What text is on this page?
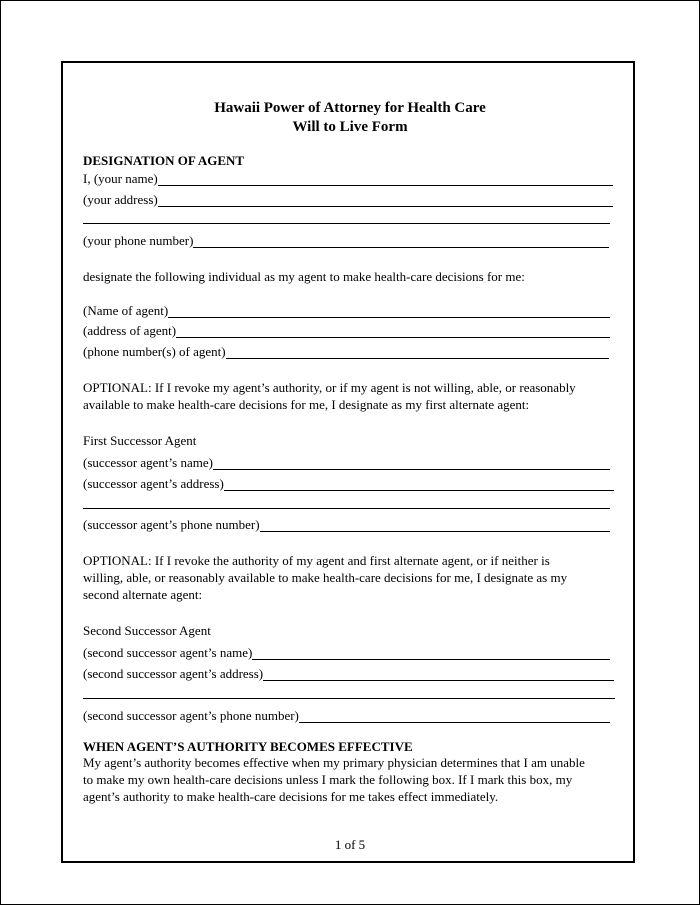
Hawaii Power of Attorney for Health Care
Will to Live Form
DESIGNATION OF AGENT
I, (your name)
(your address)
(your phone number)
designate the following individual as my agent to make health-care decisions for me:
(Name of agent)
(address of agent)
(phone number(s) of agent)
OPTIONAL: If I revoke my agent’s authority, or if my agent is not willing, able, or reasonably
available to make health-care decisions for me, I designate as my first alternate agent:
First Successor Agent
(successor agent’s name)
(successor agent’s address)
(successor agent’s phone number)
OPTIONAL: If I revoke the authority of my agent and first alternate agent, or if neither is
willing, able, or reasonably available to make health-care decisions for me, I designate as my
second alternate agent:
Second Successor Agent
(second successor agent’s name)
(second successor agent’s address)
(second successor agent’s phone number)
WHEN AGENT’S AUTHORITY BECOMES EFFECTIVE
My agent’s authority becomes effective when my primary physician determines that I am unable
to make my own health-care decisions unless I mark the following box. If I mark this box, my
agent’s authority to make health-care decisions for me takes effect immediately.
1 of 5
